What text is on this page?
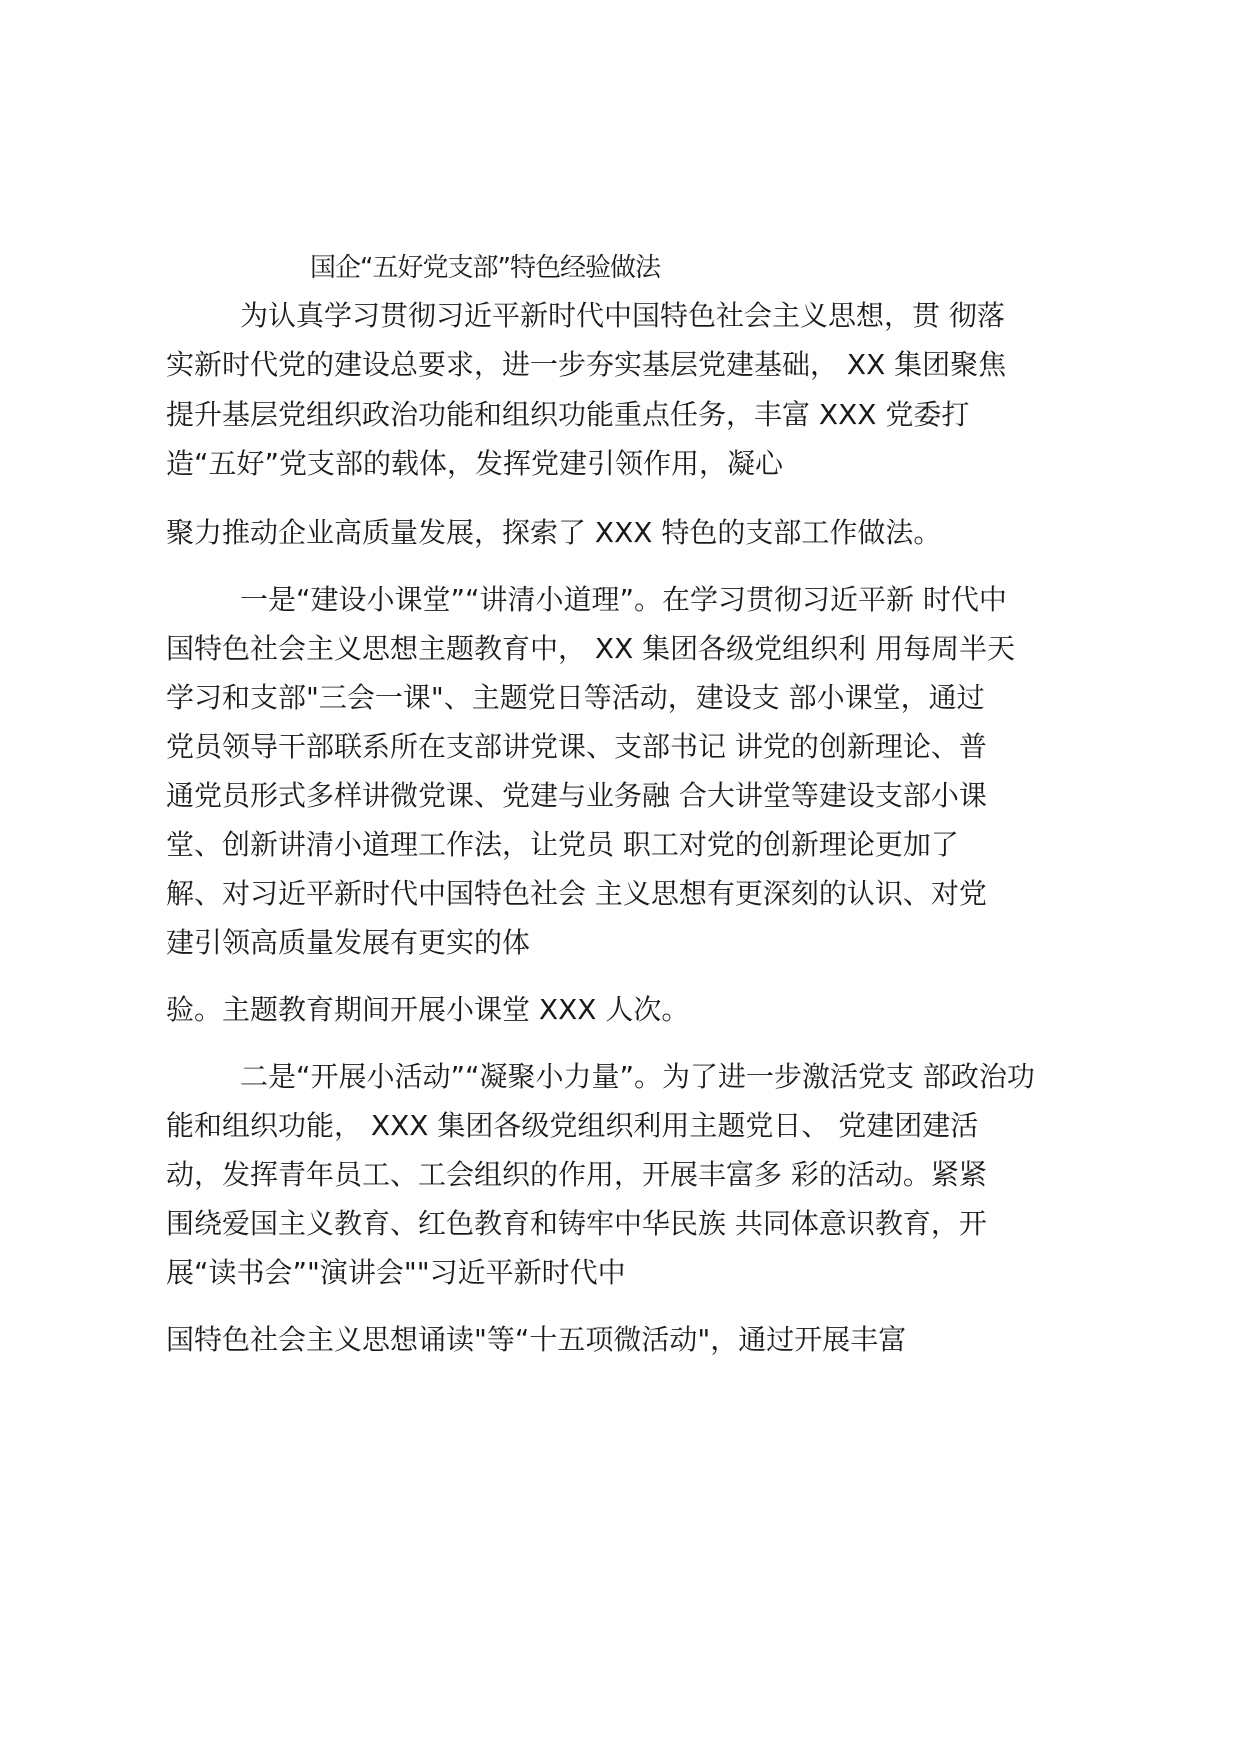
国企“五好党支部”特色经验做法

为认真学习贯彻习近平新时代中国特色社会主义思想，贯 彻落

实新时代党的建设总要求，进一步夯实基层党建基础， XX 集团聚焦

提升基层党组织政治功能和组织功能重点任务，丰富 XXX 党委打

造“五好”党支部的载体，发挥党建引领作用，凝心

聚力推动企业高质量发展，探索了 XXX 特色的支部工作做法。

一是“建设小课堂”“讲清小道理”。在学习贯彻习近平新 时代中

国特色社会主义思想主题教育中， XX 集团各级党组织利 用每周半天

学习和支部"三会一课"、主题党日等活动，建设支 部小课堂，通过

党员领导干部联系所在支部讲党课、支部书记 讲党的创新理论、普

通党员形式多样讲微党课、党建与业务融 合大讲堂等建设支部小课

堂、创新讲清小道理工作法，让党员 职工对党的创新理论更加了

解、对习近平新时代中国特色社会 主义思想有更深刻的认识、对党

建引领高质量发展有更实的体

验。主题教育期间开展小课堂 XXX 人次。

二是“开展小活动”“凝聚小力量”。为了进一步激活党支 部政治功

能和组织功能， XXX 集团各级党组织利用主题党日、 党建团建活

动，发挥青年员工、工会组织的作用，开展丰富多 彩的活动。紧紧

围绕爱国主义教育、红色教育和铸牢中华民族 共同体意识教育，开

展“读书会”"演讲会""习近平新时代中

国特色社会主义思想诵读"等“十五项微活动"，通过开展丰富
